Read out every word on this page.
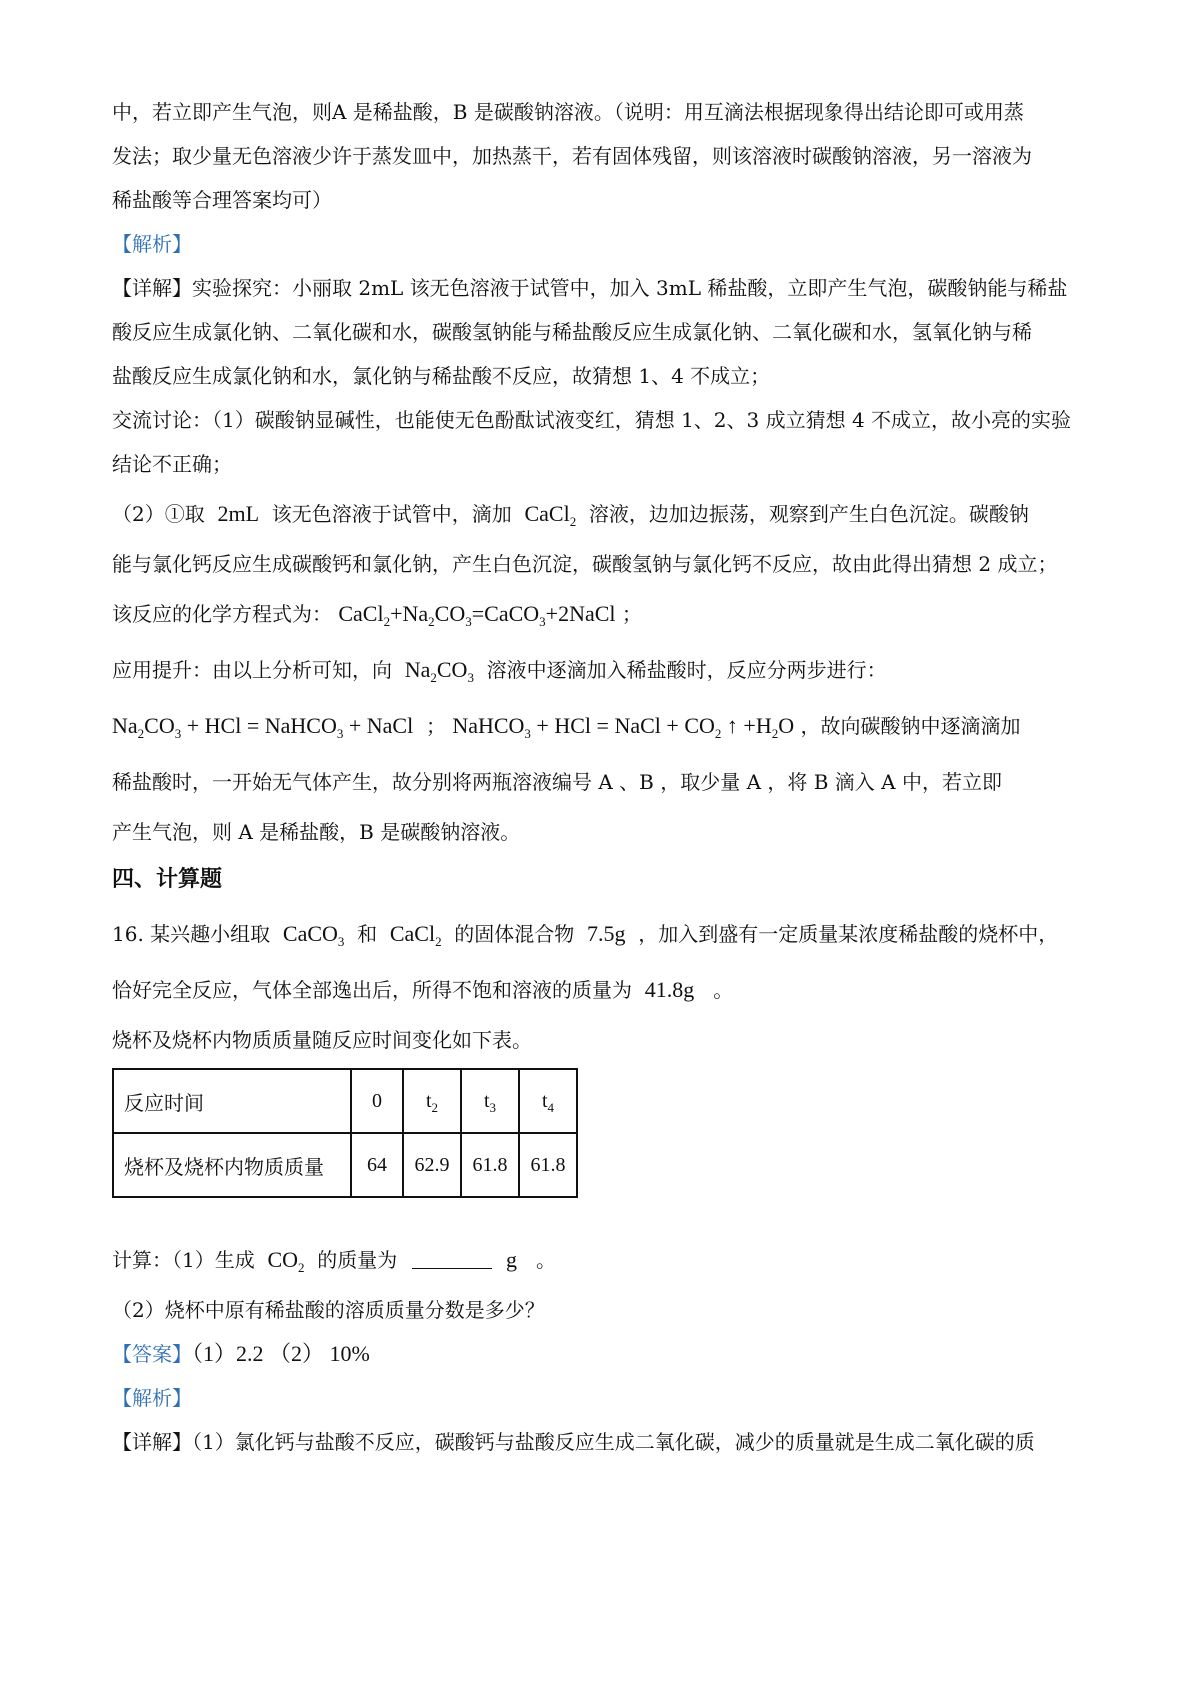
中，若立即产生气泡，则A 是稀盐酸，B 是碳酸钠溶液。（说明：用互滴法根据现象得出结论即可或用蒸

发法；取少量无色溶液少许于蒸发皿中，加热蒸干，若有固体残留，则该溶液时碳酸钠溶液，另一溶液为

稀盐酸等合理答案均可）

【解析】

【详解】实验探究：小丽取 2mL 该无色溶液于试管中，加入 3mL 稀盐酸，立即产生气泡，碳酸钠能与稀盐

酸反应生成氯化钠、二氧化碳和水，碳酸氢钠能与稀盐酸反应生成氯化钠、二氧化碳和水，氢氧化钠与稀

盐酸反应生成氯化钠和水，氯化钠与稀盐酸不反应，故猜想 1、4 不成立；

交流讨论：（1）碳酸钠显碱性，也能使无色酚酞试液变红，猜想 1、2、3 成立猜想 4 不成立，故小亮的实验

结论不正确；

（2）①取 2mL 该无色溶液于试管中，滴加 CaCl$_2$ 溶液，边加边振荡，观察到产生白色沉淀。碳酸钠

能与氯化钙反应生成碳酸钙和氯化钠，产生白色沉淀，碳酸氢钠与氯化钙不反应，故由此得出猜想 2 成立；

该反应的化学方程式为： $CaCl_2+Na_2CO_3=CaCO_3+2NaCl$ ；

应用提升：由以上分析可知，向 $Na_2CO_3$ 溶液中逐滴加入稀盐酸时，反应分两步进行：

$Na_2CO_3$ + HCl = NaHCO$_3$ + NaCl  ； NaHCO$_3$ + HCl = NaCl + $CO_2$ ↑ $+H_2O$ ，故向碳酸钠中逐滴滴加

稀盐酸时，一开始无气体产生，故分别将两瓶溶液编号 A 、B ，取少量 A ，将 B 滴入 A 中，若立即

产生气泡，则 A 是稀盐酸，B 是碳酸钠溶液。

四、计算题

16. 某兴趣小组取 CaCO$_3$ 和 CaCl$_2$ 的固体混合物 7.5g ，加入到盛有一定质量某浓度稀盐酸的烧杯中，

恰好完全反应，气体全部逸出后，所得不饱和溶液的质量为 41.8g 。

烧杯及烧杯内物质质量随反应时间变化如下表。

反应时间	0	$t_2$	$t_3$	$t_4$
烧杯及烧杯内物质质量	64	62.9	61.8	61.8

计算：（1）生成 $CO_2$ 的质量为	g 。

（2）烧杯中原有稀盐酸的溶质质量分数是多少？

【答案】（1）2.2 （2） 10%

【解析】

【详解】（1）氯化钙与盐酸不反应，碳酸钙与盐酸反应生成二氧化碳，减少的质量就是生成二氧化碳的质
